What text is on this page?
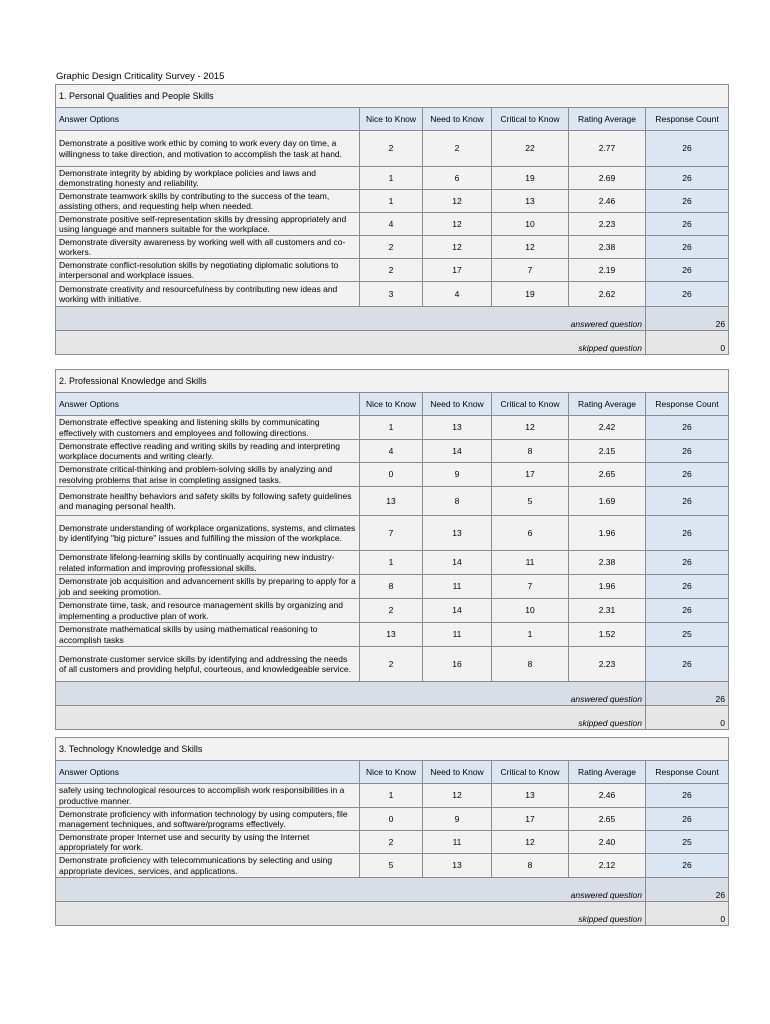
Graphic Design Criticality Survey - 2015
1. Personal Qualities and People Skills					
Answer Options	Nice to Know	Need to Know	Critical to Know	Rating Average	Response Count
Demonstrate a positive work ethic by coming to work every day on time, a willingness to take direction, and motivation to accomplish the task at hand.	2	2	22	2.77	26
Demonstrate integrity by abiding by workplace policies and laws and demonstrating honesty and reliability.	1	6	19	2.69	26
Demonstrate teamwork skills by contributing to the success of the team, assisting others, and requesting help when needed.	1	12	13	2.46	26
Demonstrate positive self-representation skills by dressing appropriately and using language and manners suitable for the workplace.	4	12	10	2.23	26
Demonstrate diversity awareness by working well with all customers and co-workers.	2	12	12	2.38	26
Demonstrate conflict-resolution skills by negotiating diplomatic solutions to interpersonal and workplace issues.	2	17	7	2.19	26
Demonstrate creativity and resourcefulness by contributing new ideas and working with initiative.	3	4	19	2.62	26
answered question					26
skipped question					0
2. Professional Knowledge and Skills					
Answer Options	Nice to Know	Need to Know	Critical to Know	Rating Average	Response Count
Demonstrate effective speaking and listening skills by communicating effectively with customers and employees and following directions.	1	13	12	2.42	26
Demonstrate effective reading and writing skills by reading and interpreting workplace documents and writing clearly.	4	14	8	2.15	26
Demonstrate critical-thinking and problem-solving skills by analyzing and resolving problems that arise in completing assigned tasks.	0	9	17	2.65	26
Demonstrate healthy behaviors and safety skills by following safety guidelines and managing personal health.	13	8	5	1.69	26
Demonstrate understanding of workplace organizations, systems, and climates by identifying "big picture" issues and fulfilling the mission of the workplace.	7	13	6	1.96	26
Demonstrate lifelong-learning skills by continually acquiring new industry-related information and improving professional skills.	1	14	11	2.38	26
Demonstrate job acquisition and advancement skills by preparing to apply for a job and seeking promotion.	8	11	7	1.96	26
Demonstrate time, task, and resource management skills by organizing and implementing a productive plan of work.	2	14	10	2.31	26
Demonstrate mathematical skills by using mathematical reasoning to accomplish tasks	13	11	1	1.52	25
Demonstrate customer service skills by identifying and addressing the needs of all customers and providing helpful, courteous, and knowledgeable service.	2	16	8	2.23	26
answered question					26
skipped question					0
3. Technology Knowledge and Skills					
Answer Options	Nice to Know	Need to Know	Critical to Know	Rating Average	Response Count
safely using technological resources to accomplish work responsibilities in a productive manner.	1	12	13	2.46	26
Demonstrate proficiency with information technology by using computers, file management techniques, and software/programs effectively.	0	9	17	2.65	26
Demonstrate proper Internet use and security by using the Internet appropriately for work.	2	11	12	2.40	25
Demonstrate proficiency with telecommunications by selecting and using appropriate devices, services, and applications.	5	13	8	2.12	26
answered question					26
skipped question					0
